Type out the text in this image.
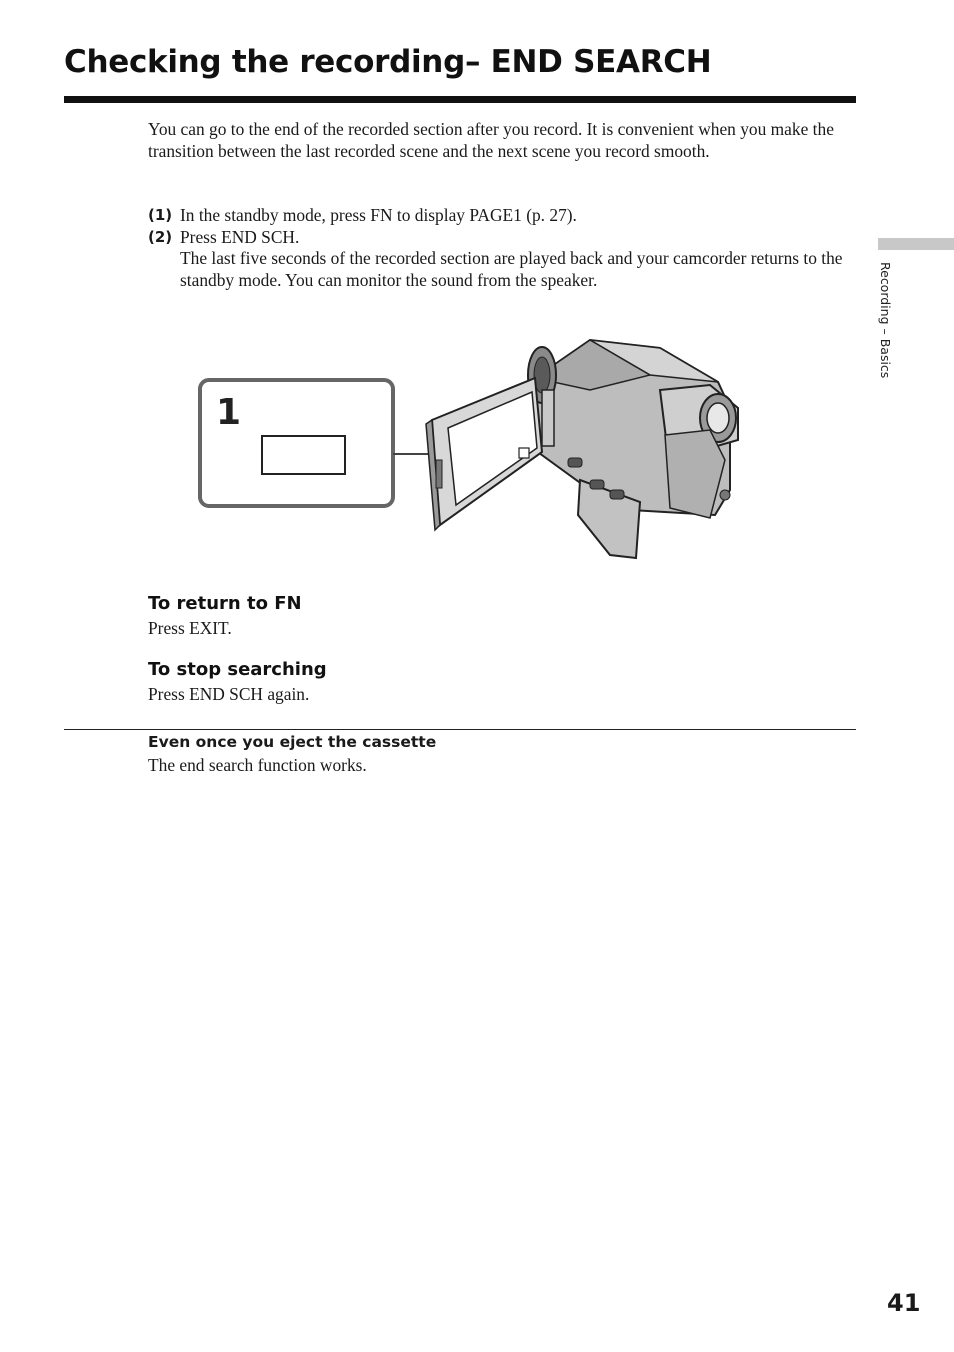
Checking the recording– END SEARCH

You can go to the end of the recorded section after you record. It is convenient when you make the transition between the last recorded scene and the next scene you record smooth.

(1) In the standby mode, press FN to display PAGE1 (p. 27).
(2) Press END SCH.
The last five seconds of the recorded section are played back and your camcorder returns to the standby mode. You can monitor the sound from the speaker.
1
To return to FN

Press EXIT.

To stop searching

Press END SCH again.

Even once you eject the cassette

The end search function works.

Recording – Basics
41
